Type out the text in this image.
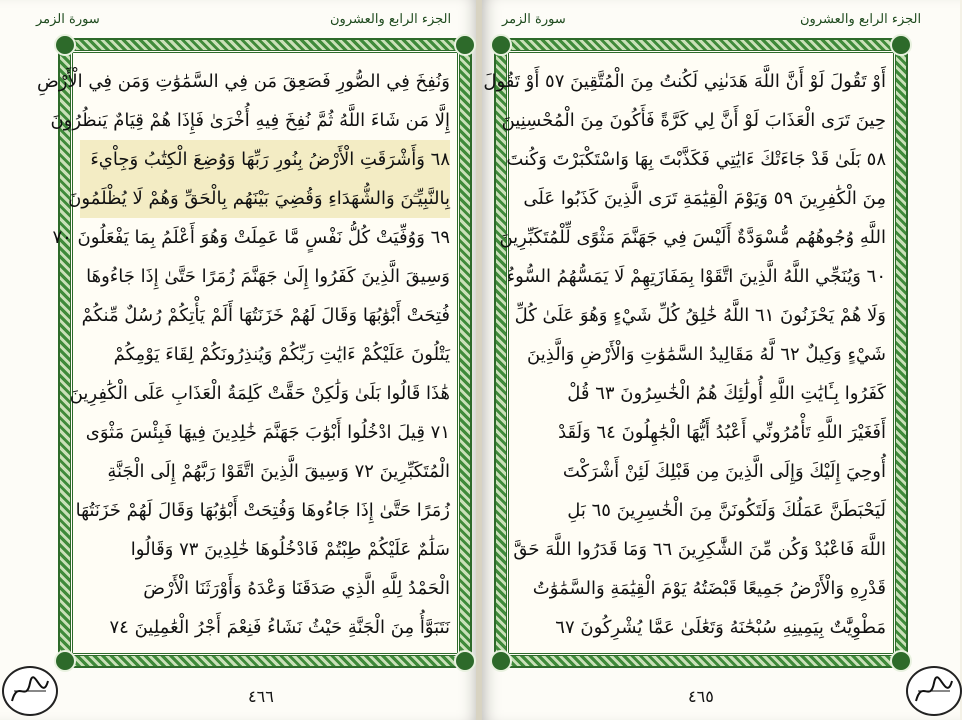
سورة الزمر	الجزء الرابع والعشرون
وَنُفِخَ فِي الصُّورِ فَصَعِقَ مَن فِي السَّمَٰوَٰتِ وَمَن فِي الْأَرْضِ
إِلَّا مَن شَاءَ اللَّهُ ثُمَّ نُفِخَ فِيهِ أُخْرَىٰ فَإِذَا هُمْ قِيَامٌ يَنظُرُونَ
٦٨ وَأَشْرَقَتِ الْأَرْضُ بِنُورِ رَبِّهَا وَوُضِعَ الْكِتَٰبُ وَجِاْيءَ
بِالنَّبِيِّـۧنَ وَالشُّهَدَاءِ وَقُضِيَ بَيْنَهُم بِالْحَقِّ وَهُمْ لَا يُظْلَمُونَ
٦٩ وَوُفِّيَتْ كُلُّ نَفْسٍ مَّا عَمِلَتْ وَهُوَ أَعْلَمُ بِمَا يَفْعَلُونَ ٧٠
وَسِيقَ الَّذِينَ كَفَرُوا إِلَىٰ جَهَنَّمَ زُمَرًا حَتَّىٰ إِذَا جَاءُوهَا
فُتِحَتْ أَبْوَٰبُهَا وَقَالَ لَهُمْ خَزَنَتُهَا أَلَمْ يَأْتِكُمْ رُسُلٌ مِّنكُمْ
يَتْلُونَ عَلَيْكُمْ ءَايَٰتِ رَبِّكُمْ وَيُنذِرُونَكُمْ لِقَاءَ يَوْمِكُمْ
هَٰذَا قَالُوا بَلَىٰ وَلَٰكِنْ حَقَّتْ كَلِمَةُ الْعَذَابِ عَلَى الْكَٰفِرِينَ
٧١ قِيلَ ادْخُلُوا أَبْوَٰبَ جَهَنَّمَ خَٰلِدِينَ فِيهَا فَبِئْسَ مَثْوَى
الْمُتَكَبِّرِينَ ٧٢ وَسِيقَ الَّذِينَ اتَّقَوْا رَبَّهُمْ إِلَى الْجَنَّةِ
زُمَرًا حَتَّىٰ إِذَا جَاءُوهَا وَفُتِحَتْ أَبْوَٰبُهَا وَقَالَ لَهُمْ خَزَنَتُهَا
سَلَٰمٌ عَلَيْكُمْ طِبْتُمْ فَادْخُلُوهَا خَٰلِدِينَ ٧٣ وَقَالُوا
الْحَمْدُ لِلَّهِ الَّذِي صَدَقَنَا وَعْدَهُ وَأَوْرَثَنَا الْأَرْضَ
نَتَبَوَّأُ مِنَ الْجَنَّةِ حَيْثُ نَشَاءُ فَنِعْمَ أَجْرُ الْعَٰمِلِينَ ٧٤
٤٦٦
سورة الزمر	الجزء الرابع والعشرون
أَوْ تَقُولَ لَوْ أَنَّ اللَّهَ هَدَىٰنِي لَكُنتُ مِنَ الْمُتَّقِينَ ٥٧ أَوْ تَقُولَ
حِينَ تَرَى الْعَذَابَ لَوْ أَنَّ لِي كَرَّةً فَأَكُونَ مِنَ الْمُحْسِنِينَ
٥٨ بَلَىٰ قَدْ جَاءَتْكَ ءَايَٰتِي فَكَذَّبْتَ بِهَا وَاسْتَكْبَرْتَ وَكُنتَ
مِنَ الْكَٰفِرِينَ ٥٩ وَيَوْمَ الْقِيَٰمَةِ تَرَى الَّذِينَ كَذَبُوا عَلَى
اللَّهِ وُجُوهُهُم مُّسْوَدَّةٌ أَلَيْسَ فِي جَهَنَّمَ مَثْوًى لِّلْمُتَكَبِّرِينَ
٦٠ وَيُنَجِّي اللَّهُ الَّذِينَ اتَّقَوْا بِمَفَازَتِهِمْ لَا يَمَسُّهُمُ السُّوءُ
وَلَا هُمْ يَحْزَنُونَ ٦١ اللَّهُ خَٰلِقُ كُلِّ شَيْءٍ وَهُوَ عَلَىٰ كُلِّ
شَيْءٍ وَكِيلٌ ٦٢ لَّهُ مَقَالِيدُ السَّمَٰوَٰتِ وَالْأَرْضِ وَالَّذِينَ
كَفَرُوا بِـَٔايَٰتِ اللَّهِ أُولَٰئِكَ هُمُ الْخَٰسِرُونَ ٦٣ قُلْ
أَفَغَيْرَ اللَّهِ تَأْمُرُونِّي أَعْبُدُ أَيُّهَا الْجَٰهِلُونَ ٦٤ وَلَقَدْ
أُوحِيَ إِلَيْكَ وَإِلَى الَّذِينَ مِن قَبْلِكَ لَئِنْ أَشْرَكْتَ
لَيَحْبَطَنَّ عَمَلُكَ وَلَتَكُونَنَّ مِنَ الْخَٰسِرِينَ ٦٥ بَلِ
اللَّهَ فَاعْبُدْ وَكُن مِّنَ الشَّٰكِرِينَ ٦٦ وَمَا قَدَرُوا اللَّهَ حَقَّ
قَدْرِهِ وَالْأَرْضُ جَمِيعًا قَبْضَتُهُ يَوْمَ الْقِيَٰمَةِ وَالسَّمَٰوَٰتُ
مَطْوِيَّٰتٌ بِيَمِينِهِ سُبْحَٰنَهُ وَتَعَٰلَىٰ عَمَّا يُشْرِكُونَ ٦٧
٤٦٥
